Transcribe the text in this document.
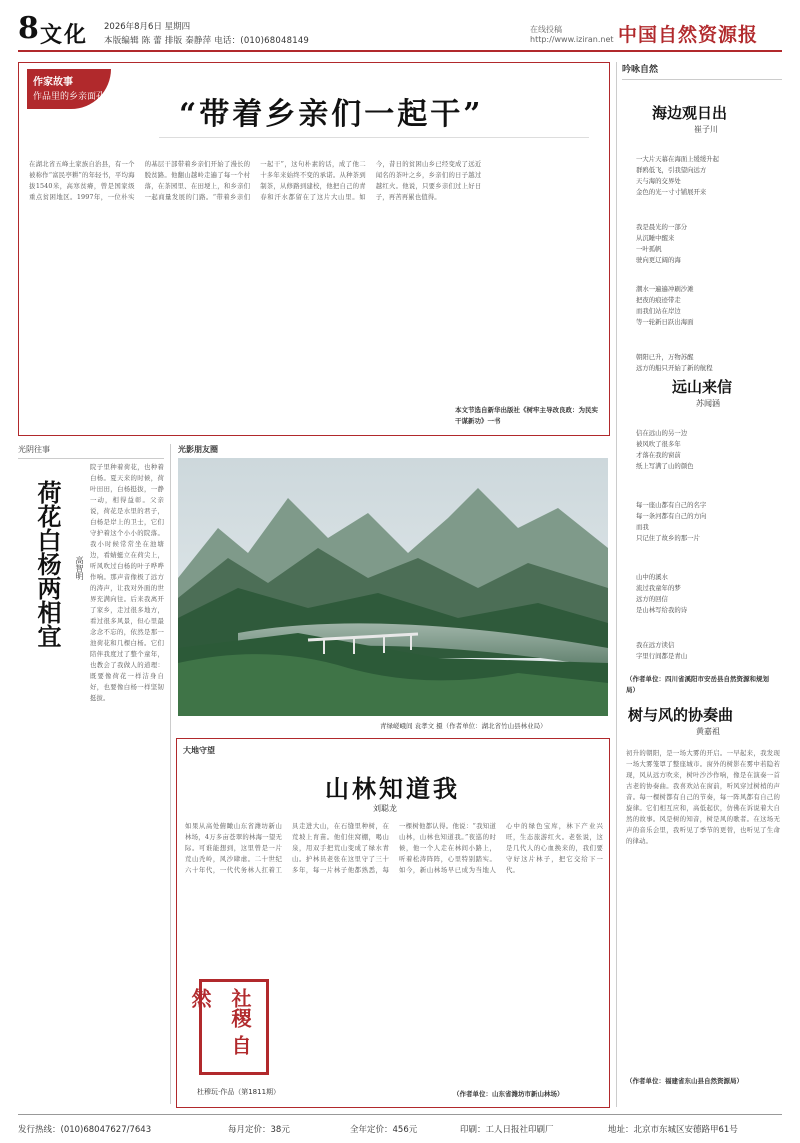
8 文化 2026年8月6日 星期四
本版编辑 陈 蕾 排版 秦静萍 电话：(010)68048149
在线投稿
http://www.iziran.net 中国自然资源报
作家故事
作品里的乡亲面孔	“带着乡亲们一起干”
在湖北省五峰土家族自治县，有一个被称作“富民亭耕”的年轻书，平均海拔1540米，高寒贫瘠，曾是国家级重点贫困地区。1997年，一位朴实的基层干部带着乡亲们开始了漫长的脱贫路。他翻山越岭走遍了每一个村落，在茶园里、在田埂上，和乡亲们一起商量发展的门路。“带着乡亲们一起干”，这句朴素的话，成了他二十多年来始终不变的承诺。从种茶到制茶，从修路到建校，他把自己的青春和汗水都留在了这片大山里。如今，昔日的贫困山乡已经变成了远近闻名的茶叶之乡，乡亲们的日子越过越红火。他说，只要乡亲们过上好日子，再苦再累也值得。
本文节选自新华出版社《树牢主导改良政：为民实干谋新功》一书
吟咏自然
海边观日出
崔子川
一大片天幕在海面上缓缓升起
群鸥低飞，引我望向远方
天与海的交界处
金色的光一寸寸铺展开来
我是晨光的一部分
从沉睡中醒来
一叶孤帆
驶向更辽阔的海
潮水一遍遍冲刷沙滩
把夜的痕迹带走
而我们站在岸边
等一轮新日跃出海面
朝阳已升，万物苏醒
远方的船只开始了新的航程
远山来信
苏闻涵
信在远山的另一边
被风吹了很多年
才落在我的窗前
纸上写满了山的颜色
每一座山都有自己的名字
每一条河都有自己的方向
而我
只记住了故乡的那一片
山中的溪水
流过我童年的梦
远方的回信
是山林写给我的诗
我在远方读信
字里行间都是青山
（作者单位：四川省溪阳市安岳县自然资源和规划局）
树与风的协奏曲
黄嘉祖
初升的朝阳，是一场大雾的开启。一早起来，我发现一场大雾笼罩了整座城市。窗外的树影在雾中若隐若现，风从远方吹来，树叶沙沙作响，像是在演奏一首古老的协奏曲。我喜欢站在窗前，听风穿过树梢的声音。每一棵树都有自己的节奏，每一阵风都有自己的旋律。它们相互应和，高低起伏，仿佛在诉说着大自然的故事。风是树的知音，树是风的歌者。在这场无声的音乐会里，我听见了季节的更替，也听见了生命的律动。
（作者单位：福建省东山县自然资源局）
光阴往事
荷花白杨两相宜 高智明
院子里种着荷花，也种着白杨。夏天来的时候，荷叶田田，白杨挺拔，一静一动，相得益彰。父亲说，荷花是水里的君子，白杨是岸上的卫士，它们守护着这个小小的院落。我小时候常常坐在池塘边，看蜻蜓立在荷尖上，听风吹过白杨的叶子哗哗作响。那声音像极了远方的涛声，让我对外面的世界充满向往。后来我离开了家乡，走过很多地方，看过很多风景，但心里最念念不忘的，依然是那一池荷花和几棵白杨。它们陪伴我度过了整个童年，也教会了我做人的道理：既要像荷花一样洁身自好，也要像白杨一样坚韧挺拔。
光影朋友圈
青绿嵯峨间 袁孝文 摄（作者单位：湖北省竹山县林业局）
大地守望
山林知道我
刘聪龙
如果从高处俯瞰山东省潍坊新山林场，4万多亩苍翠的林海一望无际。可谁能想到，这里曾是一片荒山秃岭，风沙肆虐。二十世纪六十年代，一代代务林人扛着工具走进大山，在石缝里种树，在荒坡上育苗。他们住窝棚，喝山泉，用双手把荒山变成了绿水青山。护林员老张在这里守了三十多年，每一片林子他都熟悉，每一棵树他都认得。他说：“我知道山林，山林也知道我。”夜巡的时候，他一个人走在林间小路上，听着松涛阵阵，心里特别踏实。如今，新山林场早已成为当地人心中的绿色宝库，林下产业兴旺，生态旅游红火。老张说，这是几代人的心血换来的，我们要守好这片林子，把它交给下一代。
社稷 自然
杜穆玩·作品（第1811期）	（作者单位：山东省潍坊市新山林场）
发行热线：(010)68047627/7643	每月定价：38元	全年定价：456元	印刷：工人日报社印刷厂	地址：北京市东城区安德路甲61号
